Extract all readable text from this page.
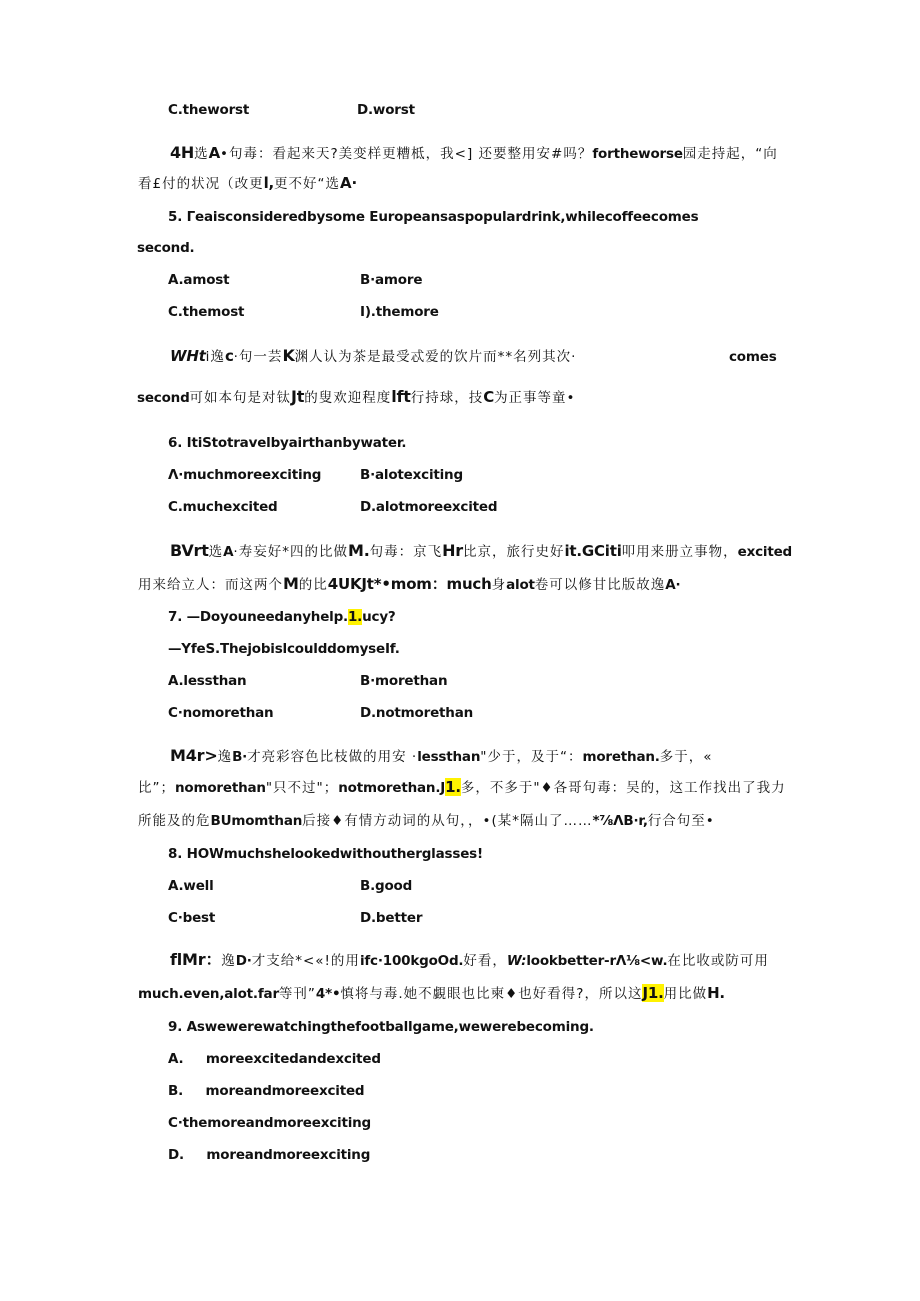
C.theworst	D.worst
4H选A•句毒：看起来天?美变样更糟柢，我<] 还要整用安#吗？fortheworse园走持起，“向
看£付的状况（改更l,更不好“选A·
5. Γeaisconsideredbysome Europeansaspopulardrink,whilecoffeecomes
second.
A.amost	B·amore
C.themost	I).themore
WHti逸c·句一芸K渊人认为茶是最受忒爱的饮片而**名列其次·	comes
second可如本句是对钛Jt的叟欢迎程度lft行持球，技C为正事等童•
6. ItiStotravelbyairthanbywater.
Λ·muchmoreexciting	B·alotexciting
C.muchexcited	D.alotmoreexcited
BVrt选A·寿妄好*四的比做M.句毒：京飞Hr比京，旅行史好it.GCiti叩用来册立事物，excited
用来给立人：而这两个M的比4UKJt*•mom：much身alot卷可以修甘比版故逸A·
7. —Doyouneedanyhelp.1.ucy?
—YfeS.ThejobislcoulddomyseIf.
A.lessthan	B·morethan
C·nomorethan	D.notmorethan
M4r>逸B·才亮彩容色比枝做的用安 ·lessthan"少于，及于“：morethan.多于，«
比”；nomorethan"只不过"；notmorethan.J1.多，不多于"♦各哥句毒：吴的，这工作找出了我力
所能及的危BUmomthan后接♦有情方动词的从句，，•(某*隔山了……*⅞ΛB·r,行合句至•
8. HOWmuchshelookedwithoutherglasses!
A.well	B.good
C·best	D.better
flMr：逸D·才支给*<«!的用ifc·100kgoOd.好看，W:lookbetter-rΛ⅛<w.在比收或防可用
much.even,alot.far等刊”4*•慎将与毒.她不覷眼也比柬♦也好看得?，所以这J1.用比做H.
9. Aswewerewatchingthefootballgame,wewerebecoming.
A.     moreexcitedandexcited
B.     moreandmoreexcited
C·themoreandmoreexciting
D.     moreandmoreexciting
